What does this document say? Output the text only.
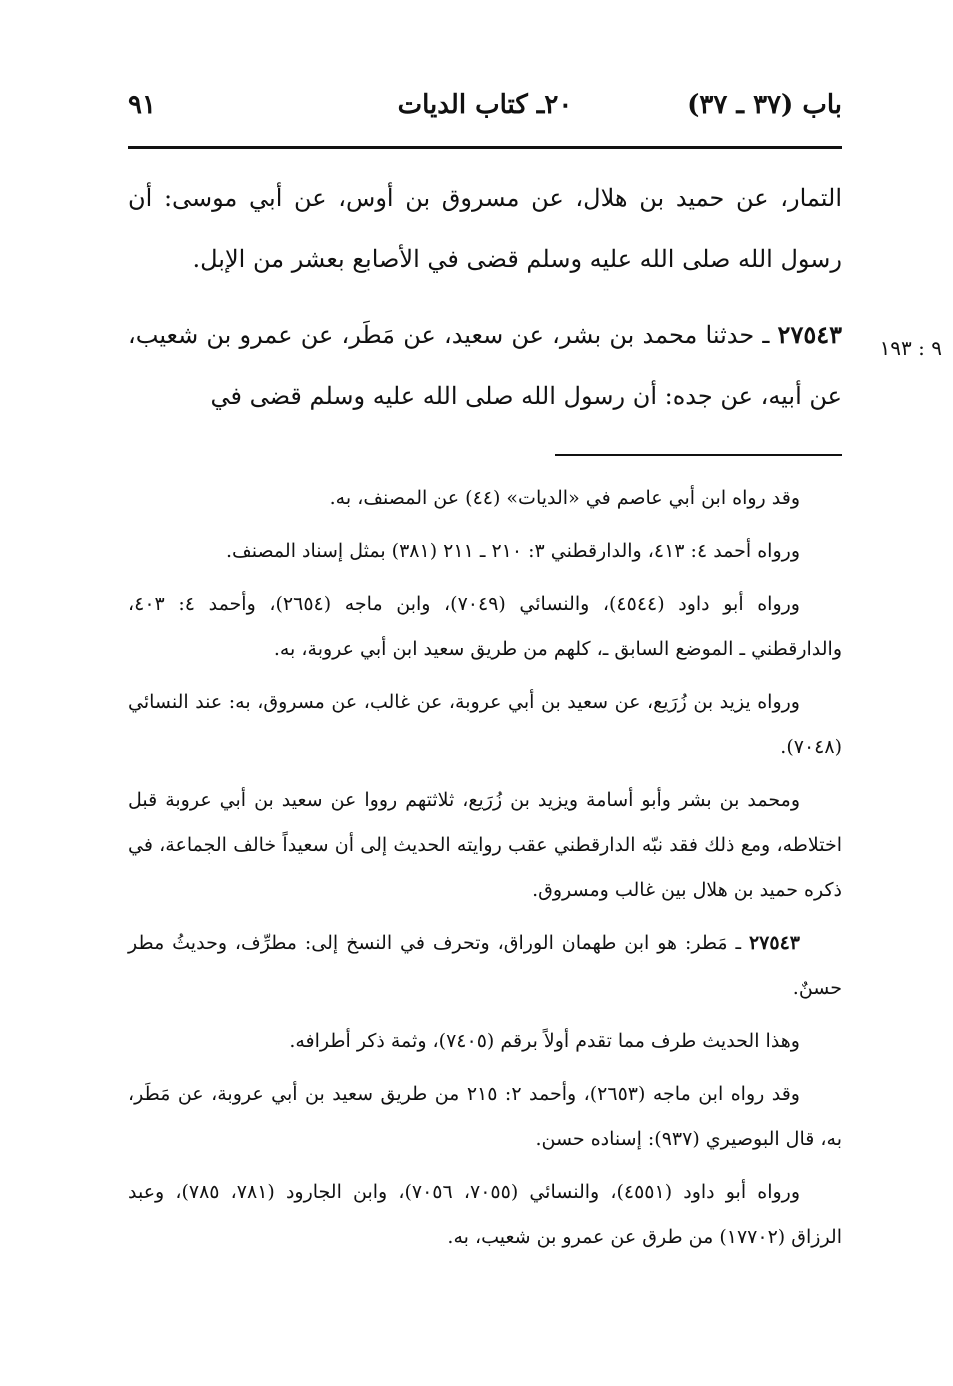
باب (٣٧ ـ ٣٧)
٢٠ـ كتاب الديات
٩١

التمار، عن حميد بن هلال، عن مسروق بن أوس، عن أبي موسى: أن رسول الله صلى الله عليه وسلم قضى في الأصابع بعشر من الإبل.

٢٧٥٤٣ ـ حدثنا محمد بن بشر، عن سعيد، عن مَطَر، عن عمرو بن شعيب، عن أبيه، عن جده: أن رسول الله صلى الله عليه وسلم قضى في

٩ : ١٩٣

وقد رواه ابن أبي عاصم في «الديات» (٤٤) عن المصنف، به.

ورواه أحمد ٤: ٤١٣، والدارقطني ٣: ٢١٠ ـ ٢١١ (٣٨١) بمثل إسناد المصنف.

ورواه أبو داود (٤٥٤٤)، والنسائي (٧٠٤٩)، وابن ماجه (٢٦٥٤)، وأحمد ٤: ٤٠٣، والدارقطني ـ الموضع السابق ـ، كلهم من طريق سعيد ابن أبي عروبة، به.

ورواه يزيد بن زُرَيع، عن سعيد بن أبي عروبة، عن غالب، عن مسروق، به: عند النسائي (٧٠٤٨).

ومحمد بن بشر وأبو أسامة ويزيد بن زُرَيع، ثلاثتهم رووا عن سعيد بن أبي عروبة قبل اختلاطه، ومع ذلك فقد نبّه الدارقطني عقب روايته الحديث إلى أن سعيداً خالف الجماعة، في ذكره حميد بن هلال بين غالب ومسروق.

٢٧٥٤٣ ـ مَطر: هو ابن طهمان الوراق، وتحرف في النسخ إلى: مطرِّف، وحديثُ مطر حسنٌ.

وهذا الحديث طرف مما تقدم أولاً برقم (٧٤٠٥)، وثمة ذكر أطرافه.

وقد رواه ابن ماجه (٢٦٥٣)، وأحمد ٢: ٢١٥ من طريق سعيد بن أبي عروبة، عن مَطَر، به، قال البوصيري (٩٣٧): إسناده حسن.

ورواه أبو داود (٤٥٥١)، والنسائي (٧٠٥٥، ٧٠٥٦)، وابن الجارود (٧٨١، ٧٨٥)، وعبد الرزاق (١٧٧٠٢) من طرق عن عمرو بن شعيب، به.
